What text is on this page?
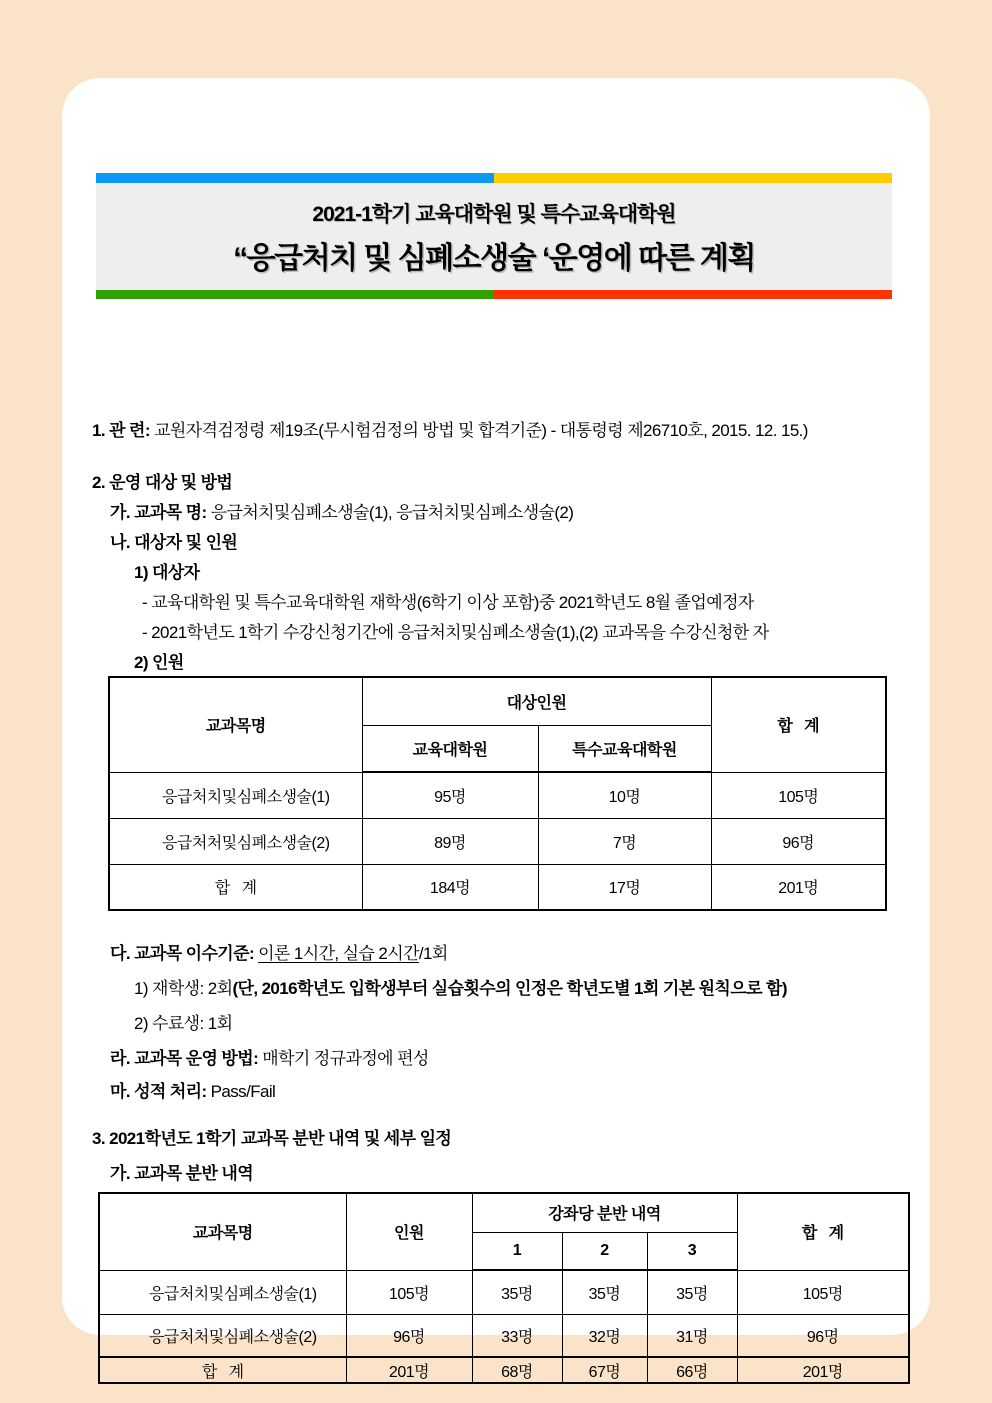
2021-1학기 교육대학원 및 특수교육대학원
“응급처치 및 심폐소생술 ‘운영에 따른 계획
1. 관 련: 교원자격검정령 제19조(무시험검정의 방법 및 합격기준) - 대통령령 제26710호, 2015. 12. 15.)
2. 운영 대상 및 방법
가. 교과목 명: 응급처치및심폐소생술(1), 응급처치및심폐소생술(2)
나. 대상자 및 인원
1) 대상자
- 교육대학원 및 특수교육대학원 재학생(6학기 이상 포함)중 2021학년도 8월 졸업예정자
- 2021학년도 1학기 수강신청기간에 응급처치및심폐소생술(1),(2) 교과목을 수강신청한 자
2) 인원
교과목명	대상인원		합   계
	교육대학원	특수교육대학원	
응급처치및심폐소생술(1)	95명	10명	105명
응급처처및심폐소생술(2)	89명	7명	96명
합   계	184명	17명	201명
다. 교과목 이수기준: 이론 1시간, 실습 2시간/1회
1) 재학생: 2회(단, 2016학년도 입학생부터 실습횟수의 인정은 학년도별 1회 기본 원칙으로 함)
2) 수료생: 1회
라. 교과목 운영 방법: 매학기 정규과정에 편성
마. 성적 처리: Pass/Fail
3. 2021학년도 1학기 교과목 분반 내역 및 세부 일정
가. 교과목 분반 내역
교과목명	인원	강좌당 분반 내역			합   계
		1	2	3	
응급처치및심폐소생술(1)	105명	35명	35명	35명	105명
응급처처및심폐소생술(2)	96명	33명	32명	31명	96명
합   계	201명	68명	67명	66명	201명
